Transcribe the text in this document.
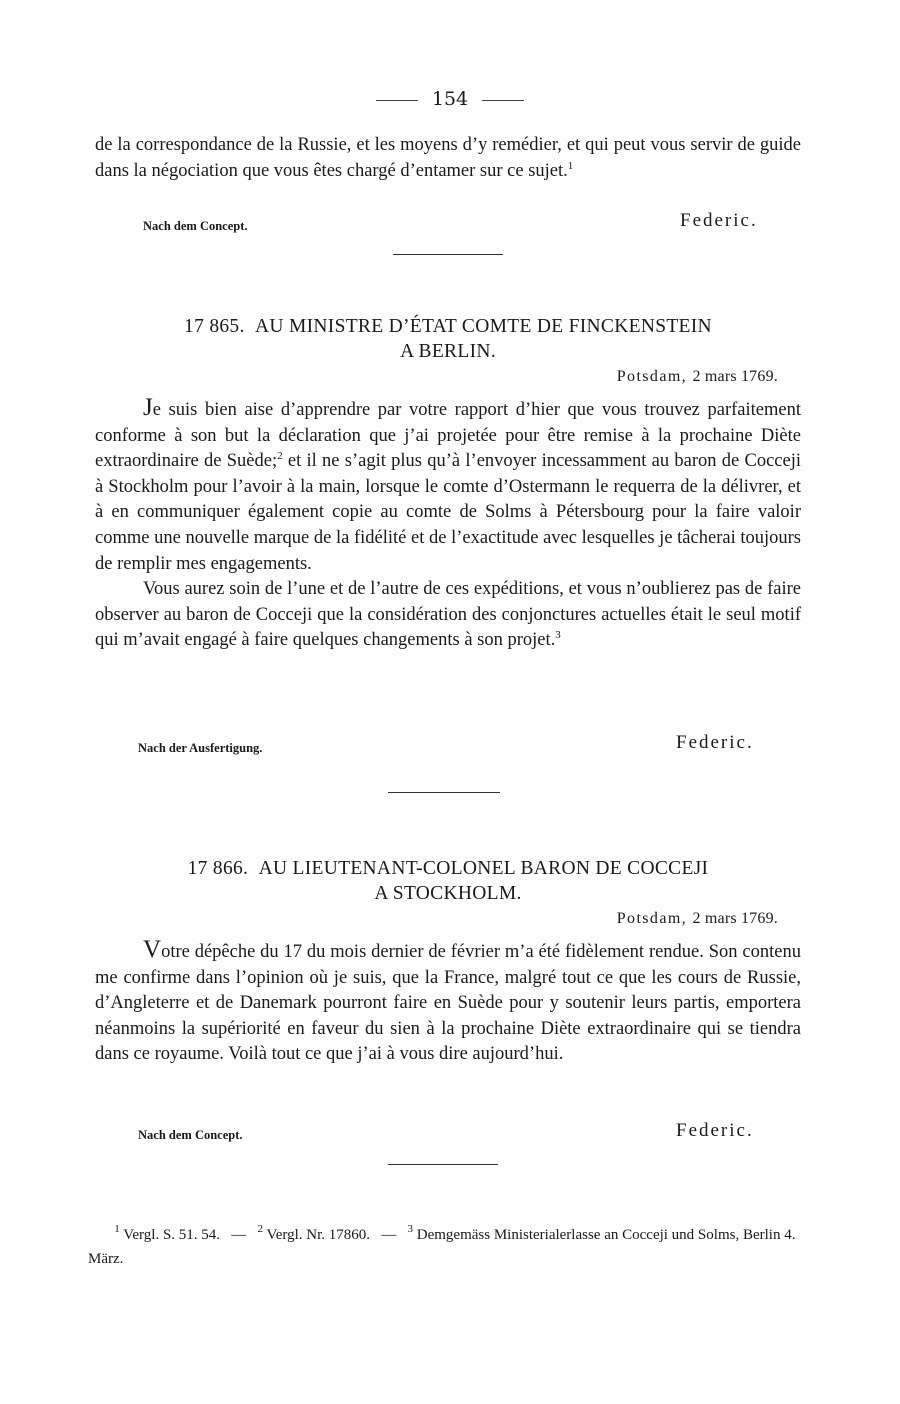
154

de la correspondance de la Russie, et les moyens d’y remédier, et qui peut vous servir de guide dans la négociation que vous êtes chargé d’entamer sur ce sujet.$^1$

Nach dem Concept.	Federic.
17 865. AU MINISTRE D’ÉTAT COMTE DE FINCKENSTEIN
A BERLIN.
Potsdam, 2 mars 1769.

Je suis bien aise d’apprendre par votre rapport d’hier que vous trouvez parfaitement conforme à son but la déclaration que j’ai projetée pour être remise à la prochaine Diète extraordinaire de Suède;$^2$ et il ne s’agit plus qu’à l’envoyer incessamment au baron de Cocceji à Stockholm pour l’avoir à la main, lorsque le comte d’Ostermann le requerra de la délivrer, et à en communiquer également copie au comte de Solms à Pétersbourg pour la faire valoir comme une nouvelle marque de la fidélité et de l’exactitude avec lesquelles je tâcherai toujours de remplir mes engagements.

Vous aurez soin de l’une et de l’autre de ces expéditions, et vous n’oublierez pas de faire observer au baron de Cocceji que la considération des conjonctures actuelles était le seul motif qui m’avait engagé à faire quelques changements à son projet.$^3$

Nach der Ausfertigung.	Federic.
17 866. AU LIEUTENANT-COLONEL BARON DE COCCEJI
A STOCKHOLM.
Potsdam, 2 mars 1769.

Votre dépêche du 17 du mois dernier de février m’a été fidèlement rendue. Son contenu me confirme dans l’opinion où je suis, que la France, malgré tout ce que les cours de Russie, d’Angleterre et de Danemark pourront faire en Suède pour y soutenir leurs partis, emportera néanmoins la supériorité en faveur du sien à la prochaine Diète extraordinaire qui se tiendra dans ce royaume. Voilà tout ce que j’ai à vous dire aujourd’hui.

Nach dem Concept.	Federic.
$^1$ Vergl. S. 51. 54. — $^2$ Vergl. Nr. 17860. — $^3$ Demgemäss Ministerialerlasse an Cocceji und Solms, Berlin 4. März.
